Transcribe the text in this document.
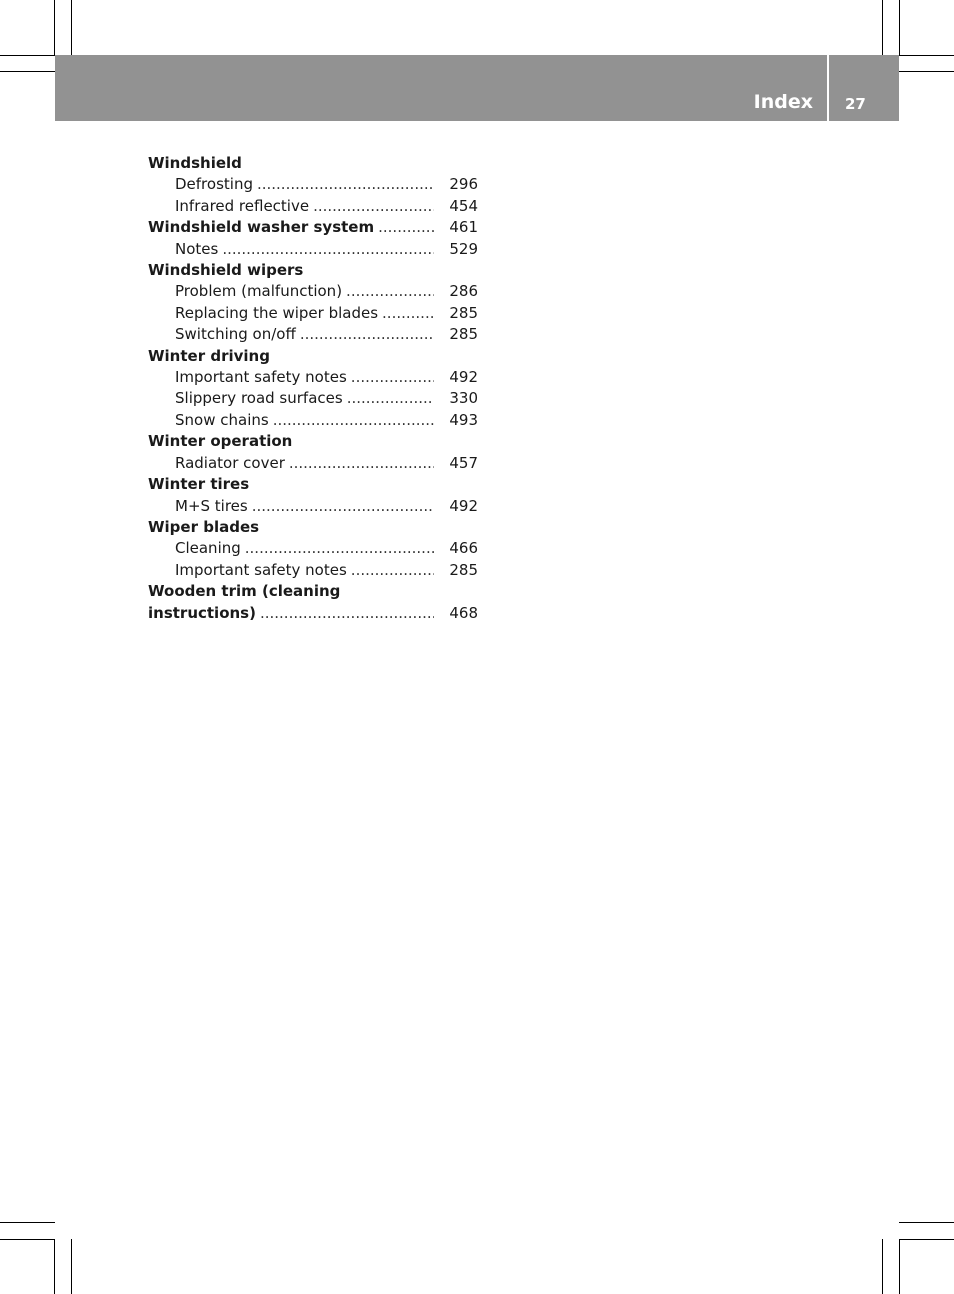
Index 27
Windshield
Defrosting .....	296
Infrared reflective .....	454
Windshield washer system .....	461
Notes .....	529
Windshield wipers
Problem (malfunction) .....	286
Replacing the wiper blades .....	285
Switching on/off .....	285
Winter driving
Important safety notes .....	492
Slippery road surfaces .....	330
Snow chains .....	493
Winter operation
Radiator cover .....	457
Winter tires
M+S tires .....	492
Wiper blades
Cleaning .....	466
Important safety notes .....	285
Wooden trim (cleaning
instructions) .....	468
